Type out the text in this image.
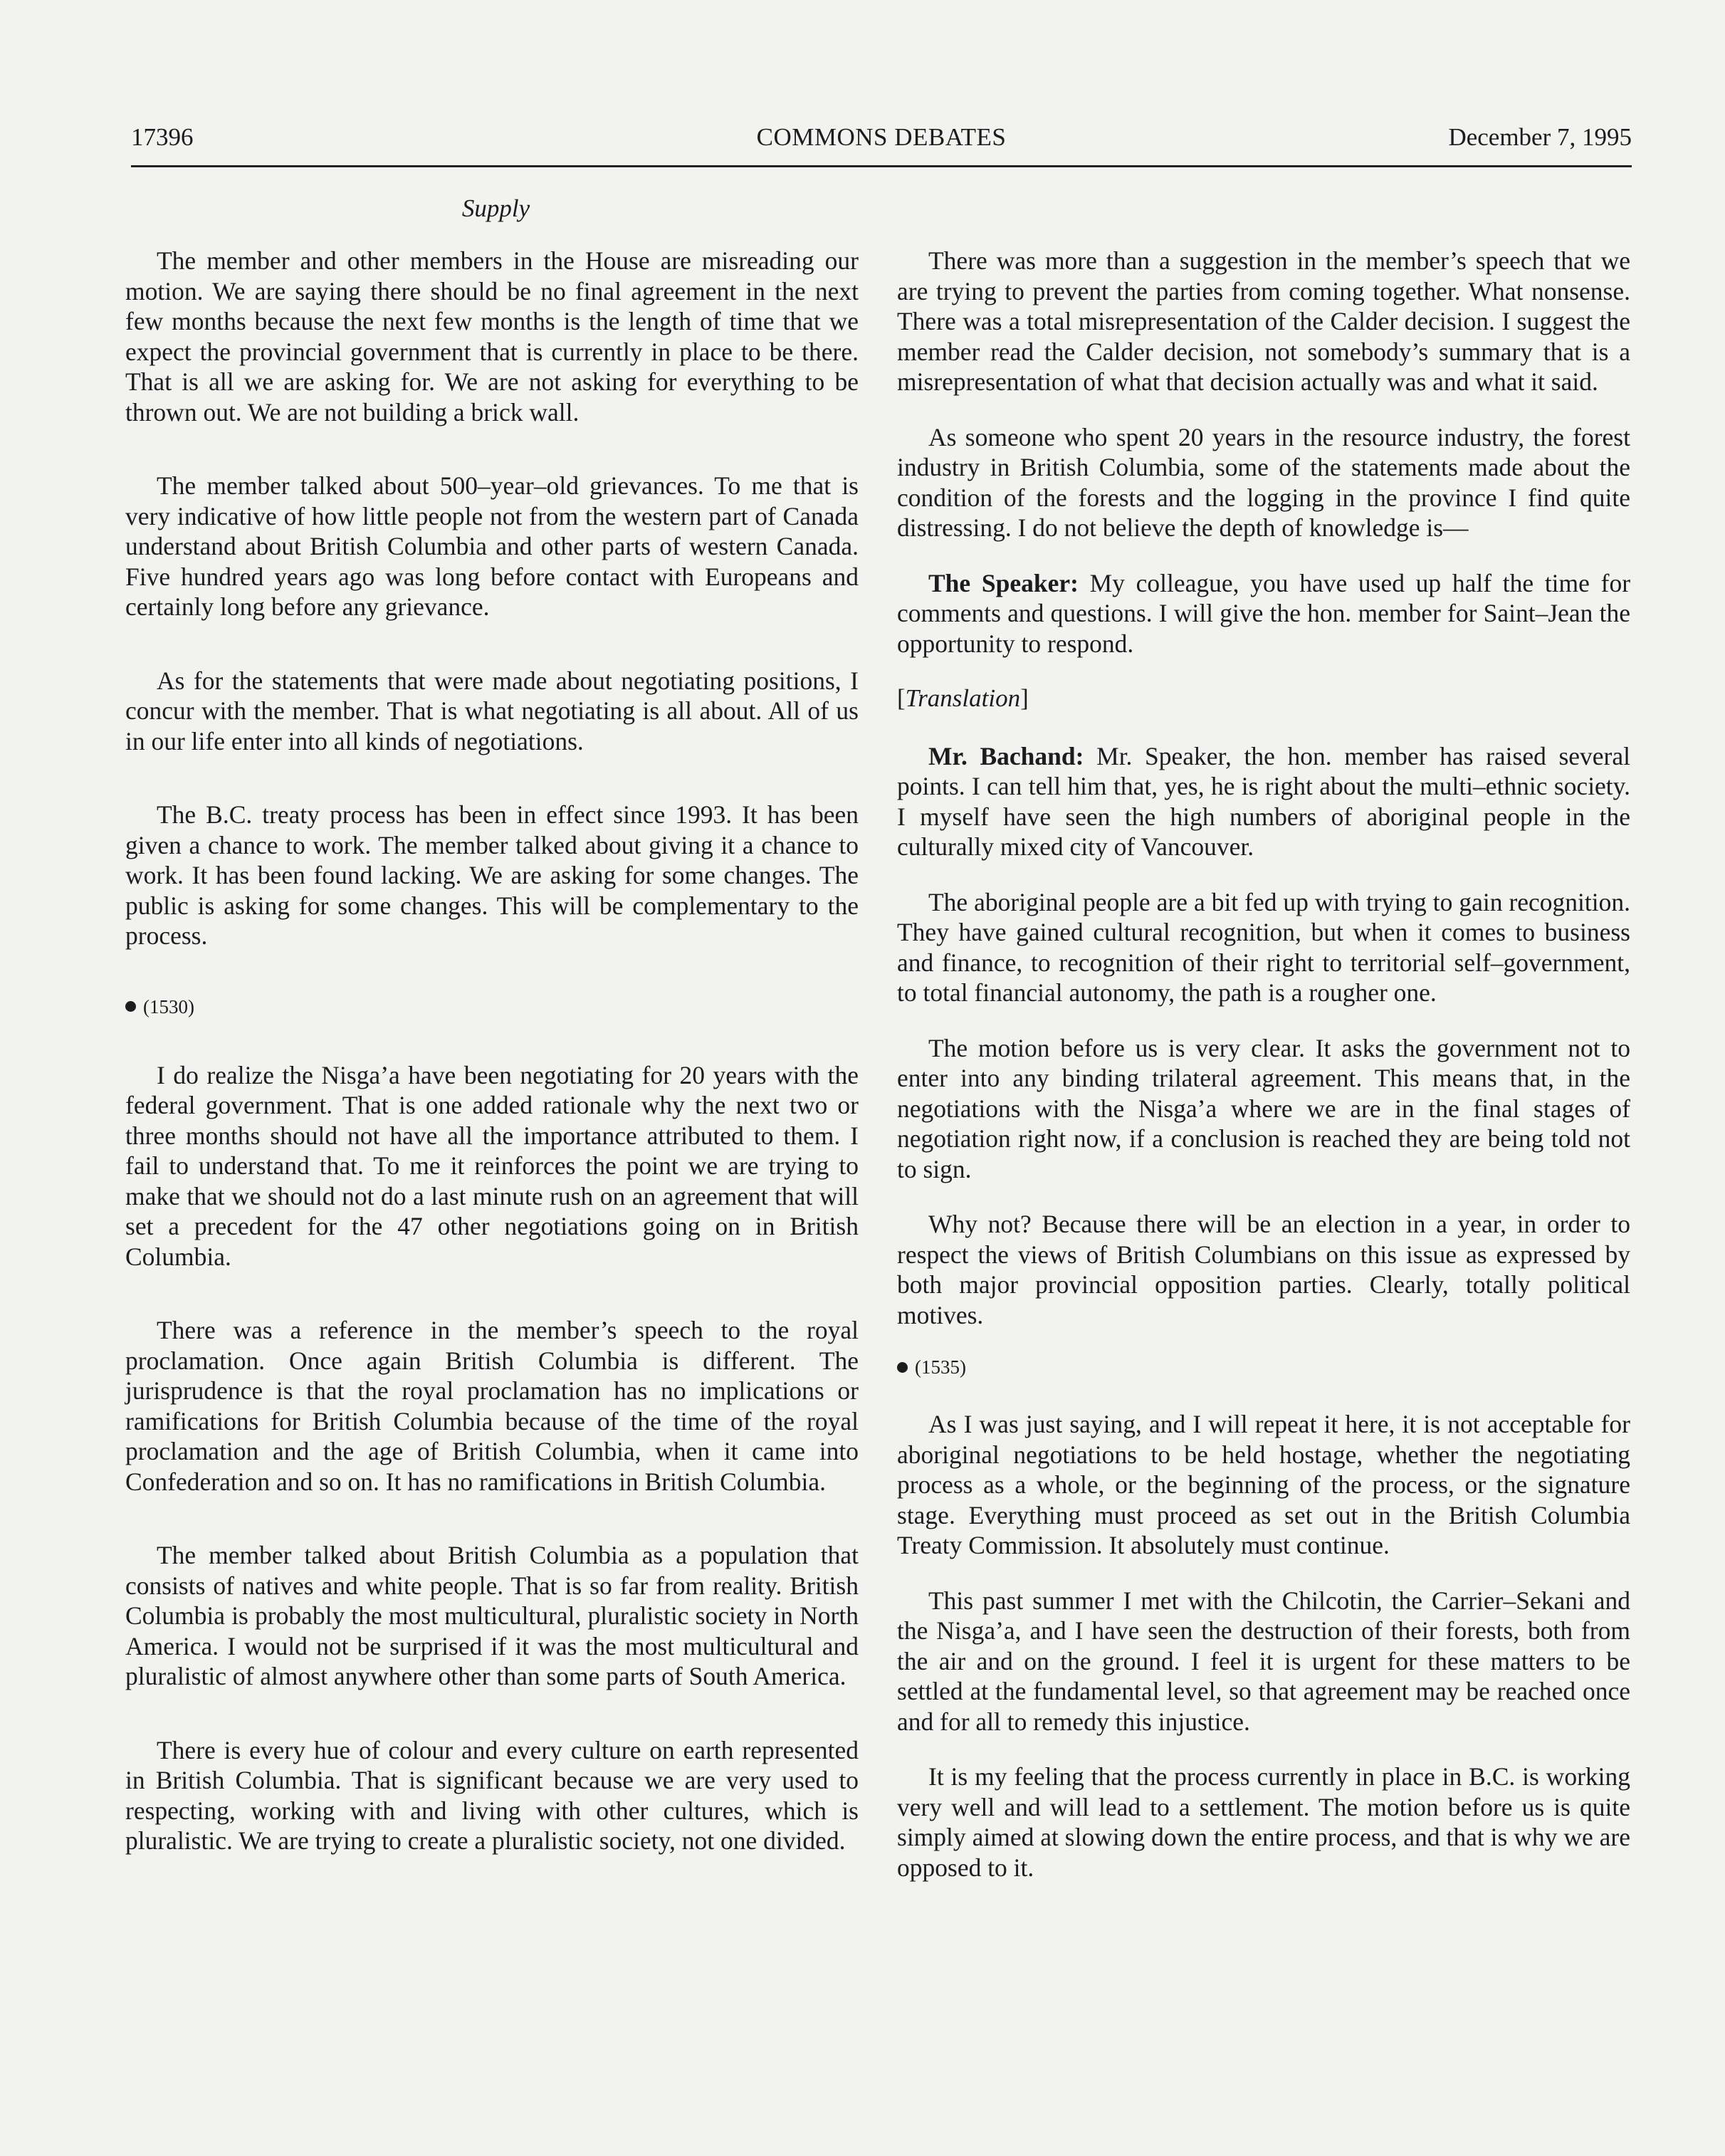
17396	COMMONS DEBATES	December 7, 1995
Supply

The member and other members in the House are misreading our motion. We are saying there should be no final agreement in the next few months because the next few months is the length of time that we expect the provincial government that is currently in place to be there. That is all we are asking for. We are not asking for everything to be thrown out. We are not building a brick wall.

The member talked about 500–year–old grievances. To me that is very indicative of how little people not from the western part of Canada understand about British Columbia and other parts of western Canada. Five hundred years ago was long before contact with Europeans and certainly long before any grievance.

As for the statements that were made about negotiating positions, I concur with the member. That is what negotiating is all about. All of us in our life enter into all kinds of negotiations.

The B.C. treaty process has been in effect since 1993. It has been given a chance to work. The member talked about giving it a chance to work. It has been found lacking. We are asking for some changes. The public is asking for some changes. This will be complementary to the process.

(1530)

I do realize the Nisga’a have been negotiating for 20 years with the federal government. That is one added rationale why the next two or three months should not have all the importance attributed to them. I fail to understand that. To me it reinforces the point we are trying to make that we should not do a last minute rush on an agreement that will set a precedent for the 47 other negotiations going on in British Columbia.

There was a reference in the member’s speech to the royal proclamation. Once again British Columbia is different. The jurisprudence is that the royal proclamation has no implications or ramifications for British Columbia because of the time of the royal proclamation and the age of British Columbia, when it came into Confederation and so on. It has no ramifications in British Columbia.

The member talked about British Columbia as a population that consists of natives and white people. That is so far from reality. British Columbia is probably the most multicultural, pluralistic society in North America. I would not be surprised if it was the most multicultural and pluralistic of almost anywhere other than some parts of South America.

There is every hue of colour and every culture on earth represented in British Columbia. That is significant because we are very used to respecting, working with and living with other cultures, which is pluralistic. We are trying to create a pluralistic society, not one divided.

There was more than a suggestion in the member’s speech that we are trying to prevent the parties from coming together. What nonsense. There was a total misrepresentation of the Calder decision. I suggest the member read the Calder decision, not somebody’s summary that is a misrepresentation of what that decision actually was and what it said.

As someone who spent 20 years in the resource industry, the forest industry in British Columbia, some of the statements made about the condition of the forests and the logging in the province I find quite distressing. I do not believe the depth of knowledge is—

The Speaker: My colleague, you have used up half the time for comments and questions. I will give the hon. member for Saint–Jean the opportunity to respond.

[Translation]

Mr. Bachand: Mr. Speaker, the hon. member has raised several points. I can tell him that, yes, he is right about the multi–ethnic society. I myself have seen the high numbers of aboriginal people in the culturally mixed city of Vancouver.

The aboriginal people are a bit fed up with trying to gain recognition. They have gained cultural recognition, but when it comes to business and finance, to recognition of their right to territorial self–government, to total financial autonomy, the path is a rougher one.

The motion before us is very clear. It asks the government not to enter into any binding trilateral agreement. This means that, in the negotiations with the Nisga’a where we are in the final stages of negotiation right now, if a conclusion is reached they are being told not to sign.

Why not? Because there will be an election in a year, in order to respect the views of British Columbians on this issue as expressed by both major provincial opposition parties. Clearly, totally political motives.

(1535)

As I was just saying, and I will repeat it here, it is not acceptable for aboriginal negotiations to be held hostage, whether the negotiating process as a whole, or the beginning of the process, or the signature stage. Everything must proceed as set out in the British Columbia Treaty Commission. It absolutely must continue.

This past summer I met with the Chilcotin, the Carrier–Sekani and the Nisga’a, and I have seen the destruction of their forests, both from the air and on the ground. I feel it is urgent for these matters to be settled at the fundamental level, so that agreement may be reached once and for all to remedy this injustice.

It is my feeling that the process currently in place in B.C. is working very well and will lead to a settlement. The motion before us is quite simply aimed at slowing down the entire process, and that is why we are opposed to it.
